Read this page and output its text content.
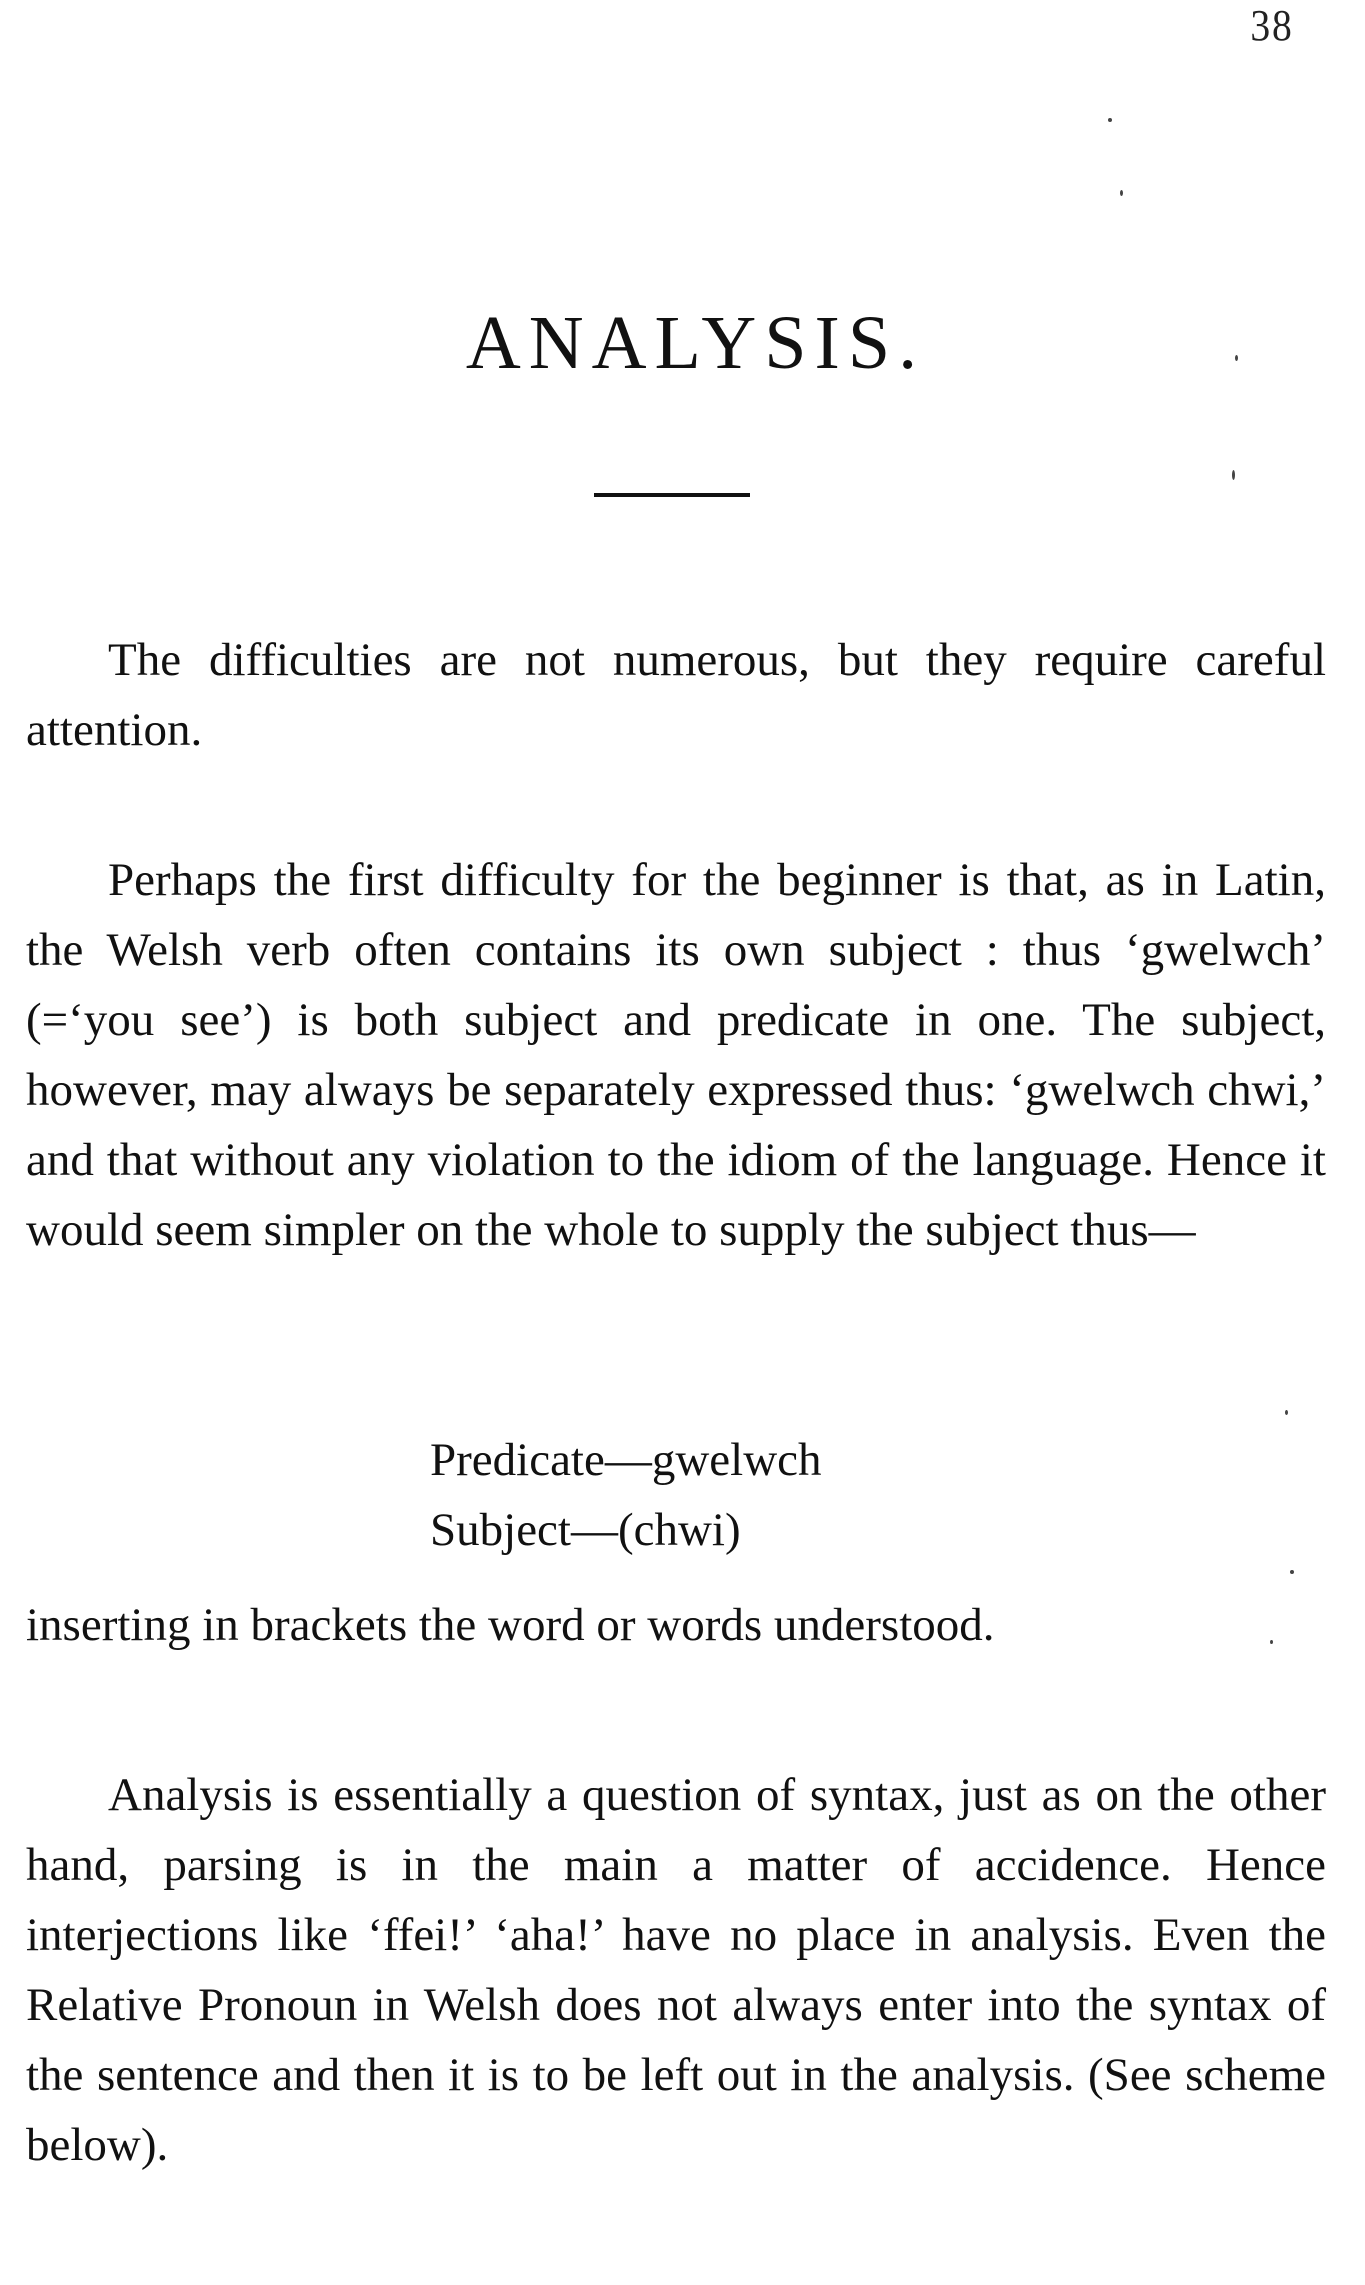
38
ANALYSIS.

The difficulties are not numerous, but they require careful attention.

Perhaps the first difficulty for the beginner is that, as in Latin, the Welsh verb often contains its own subject : thus ‘gwelwch’ (=‘you see’) is both subject and predicate in one. The subject, however, may always be separately expressed thus: ‘gwelwch chwi,’ and that without any violation to the idiom of the language. Hence it would seem simpler on the whole to supply the subject thus—

Predicate—gwelwch
Subject—(chwi)

inserting in brackets the word or words understood.

Analysis is essentially a question of syntax, just as on the other hand, parsing is in the main a matter of accidence. Hence interjections like ‘ffei!’ ‘aha!’ have no place in analysis. Even the Relative Pronoun in Welsh does not always enter into the syntax of the sentence and then it is to be left out in the analysis. (See scheme below).
